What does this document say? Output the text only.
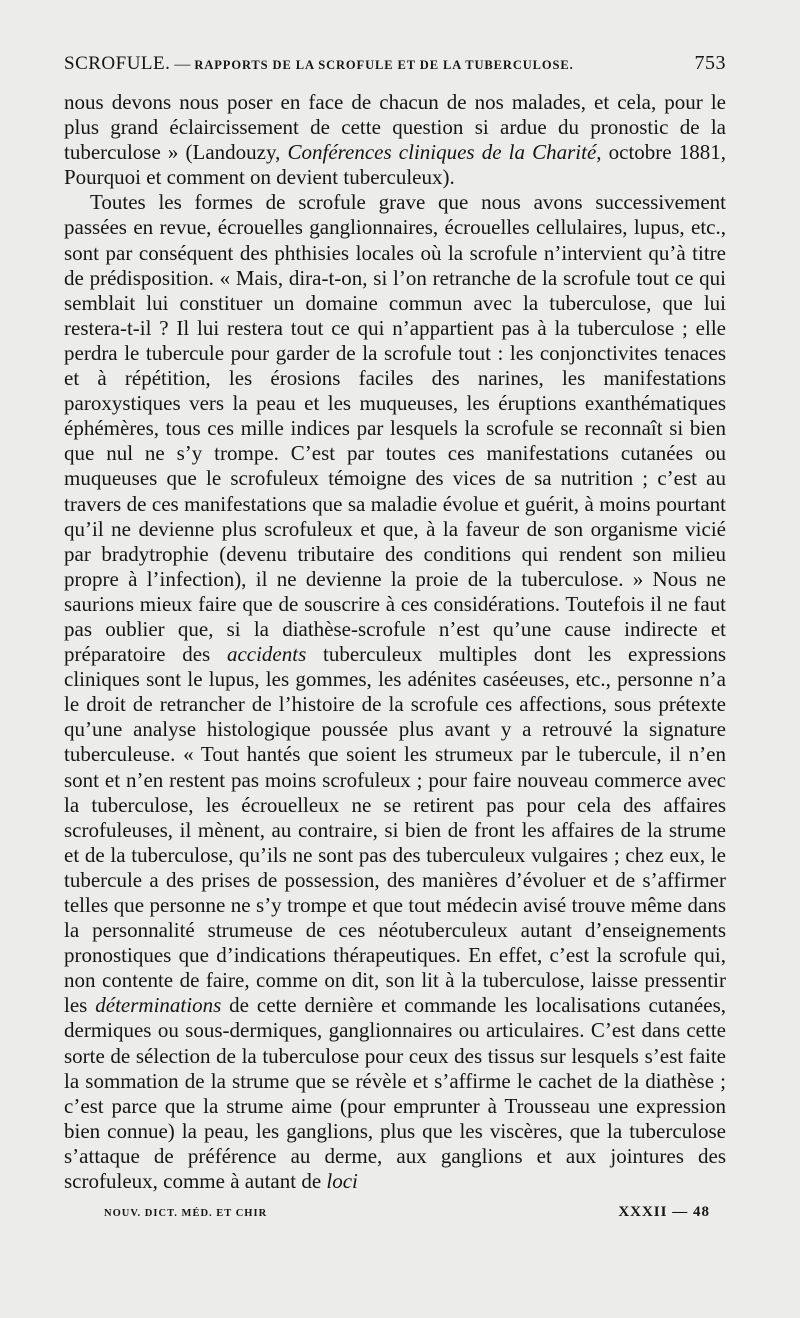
SCROFULE. — RAPPORTS DE LA SCROFULE ET DE LA TUBERCULOSE.	753

nous devons nous poser en face de chacun de nos malades, et cela, pour le plus grand éclaircissement de cette question si ardue du pronostic de la tuberculose » (Landouzy, Conférences cliniques de la Charité, octobre 1881, Pourquoi et comment on devient tuberculeux).

Toutes les formes de scrofule grave que nous avons successivement passées en revue, écrouelles ganglionnaires, écrouelles cellulaires, lupus, etc., sont par conséquent des phthisies locales où la scrofule n’intervient qu’à titre de prédisposition. « Mais, dira-t-on, si l’on retranche de la scrofule tout ce qui semblait lui constituer un domaine commun avec la tuberculose, que lui restera-t-il ? Il lui restera tout ce qui n’appartient pas à la tuberculose ; elle perdra le tubercule pour garder de la scrofule tout : les conjonctivites tenaces et à répétition, les érosions faciles des narines, les manifestations paroxystiques vers la peau et les muqueuses, les éruptions exanthématiques éphémères, tous ces mille indices par lesquels la scrofule se reconnaît si bien que nul ne s’y trompe. C’est par toutes ces manifestations cutanées ou muqueuses que le scrofuleux témoigne des vices de sa nutrition ; c’est au travers de ces manifestations que sa maladie évolue et guérit, à moins pourtant qu’il ne devienne plus scrofuleux et que, à la faveur de son organisme vicié par bradytrophie (devenu tributaire des conditions qui rendent son milieu propre à l’infection), il ne devienne la proie de la tuberculose. » Nous ne saurions mieux faire que de souscrire à ces considérations. Toutefois il ne faut pas oublier que, si la diathèse-scrofule n’est qu’une cause indirecte et préparatoire des accidents tuberculeux multiples dont les expressions cliniques sont le lupus, les gommes, les adénites caséeuses, etc., personne n’a le droit de retrancher de l’histoire de la scrofule ces affections, sous prétexte qu’une analyse histologique poussée plus avant y a retrouvé la signature tuberculeuse. « Tout hantés que soient les strumeux par le tubercule, il n’en sont et n’en restent pas moins scrofuleux ; pour faire nouveau commerce avec la tuberculose, les écrouelleux ne se retirent pas pour cela des affaires scrofuleuses, il mènent, au contraire, si bien de front les affaires de la strume et de la tuberculose, qu’ils ne sont pas des tuberculeux vulgaires ; chez eux, le tubercule a des prises de possession, des manières d’évoluer et de s’affirmer telles que personne ne s’y trompe et que tout médecin avisé trouve même dans la personnalité strumeuse de ces néotuberculeux autant d’enseignements pronostiques que d’indications thérapeutiques. En effet, c’est la scrofule qui, non contente de faire, comme on dit, son lit à la tuberculose, laisse pressentir les déterminations de cette dernière et commande les localisations cutanées, dermiques ou sous-dermiques, ganglionnaires ou articulaires. C’est dans cette sorte de sélection de la tuberculose pour ceux des tissus sur lesquels s’est faite la sommation de la strume que se révèle et s’affirme le cachet de la diathèse ; c’est parce que la strume aime (pour emprunter à Trousseau une expression bien connue) la peau, les ganglions, plus que les viscères, que la tuberculose s’attaque de préférence au derme, aux ganglions et aux jointures des scrofuleux, comme à autant de loci

NOUV. DICT. MÉD. ET CHIR	XXXII — 48
